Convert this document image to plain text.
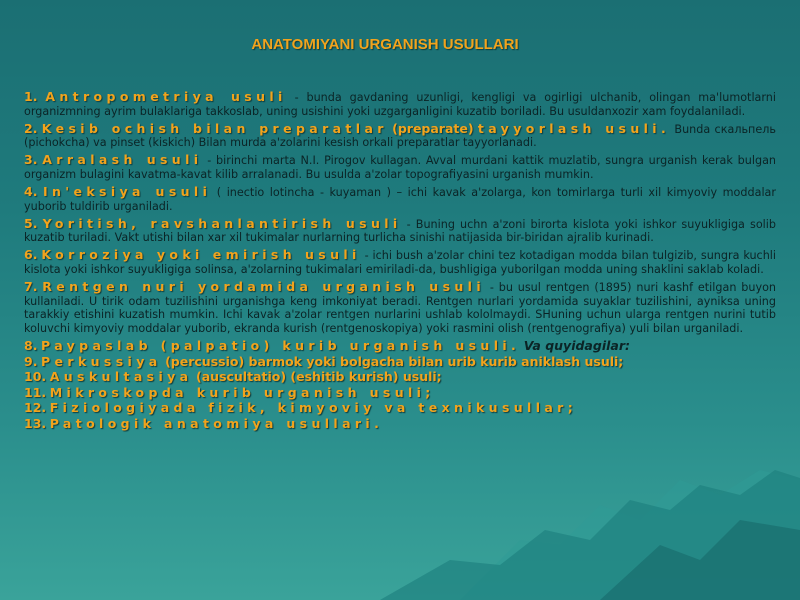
ANATOMIYANI URGANISH USULLARI
1. Antropometriya usuli - bunda gavdaning uzunligi, kengligi va ogirligi ulchanib, olingan ma'lumotlarni organizmning ayrim bulaklariga takkoslab, uning usishini yoki uzgarganligini kuzatib boriladi. Bu usuldanxozir xam foydalaniladi.
2. Kesib ochish bilan preparatlar (preparate) tayyorlash usuli. Bunda скальпель (pichokcha) va pinset (kiskich) Bilan murda a'zolarini kesish orkali preparatlar tayyorlanadi.
3. Arralash usuli - birinchi marta N.I. Pirogov kullagan. Avval murdani kattik muzlatib, sungra urganish kerak bulgan organizm bulagini kavatma-kavat kilib arralanadi. Bu usulda a'zolar topografiyasini urganish mumkin.
4. In'eksiya usuli ( inectio lotincha - kuyaman ) – ichi kavak a'zolarga, kon tomirlarga turli xil kimyoviy moddalar yuborib tuldirib urganiladi.
5. Yoritish, ravshanlantirish usuli - Buning uchn a'zoni birorta kislota yoki ishkor suyukligiga solib kuzatib turiladi. Vakt utishi bilan xar xil tukimalar nurlarning turlicha sinishi natijasida bir-biridan ajralib kurinadi.
6. Korroziya yoki emirish usuli - ichi bush a'zolar chini tez kotadigan modda bilan tulgizib, sungra kuchli kislota yoki ishkor suyukligiga solinsa, a'zolarning tukimalari emiriladi-da, bushligiga yuborilgan modda uning shaklini saklab koladi.
7. Rentgen nuri yordamida urganish usuli - bu usul rentgen (1895) nuri kashf etilgan buyon kullaniladi. U tirik odam tuzilishini urganishga keng imkoniyat beradi. Rentgen nurlari yordamida suyaklar tuzilishini, ayniksa uning tarakkiy etishini kuzatish mumkin. Ichi kavak a'zolar rentgen nurlarini ushlab kololmaydi. SHuning uchun ularga rentgen nurini tutib koluvchi kimyoviy moddalar yuborib, ekranda kurish (rentgenoskopiya) yoki rasmini olish (rentgenografiya) yuli bilan urganiladi.
8. Paypaslab (palpatio) kurib urganish usuli. Va quyidagilar:
9. Perkussiya (percussio) barmok yoki bolgacha bilan urib kurib aniklash usuli;
10. Auskultasiya (auscultatio) (eshitib kurish) usuli;
11. Mikroskopda kurib urganish usuli;
12. Fiziologiyada fizik, kimyoviy va texnikusullar;
13. Patologik anatomiya usullari.
